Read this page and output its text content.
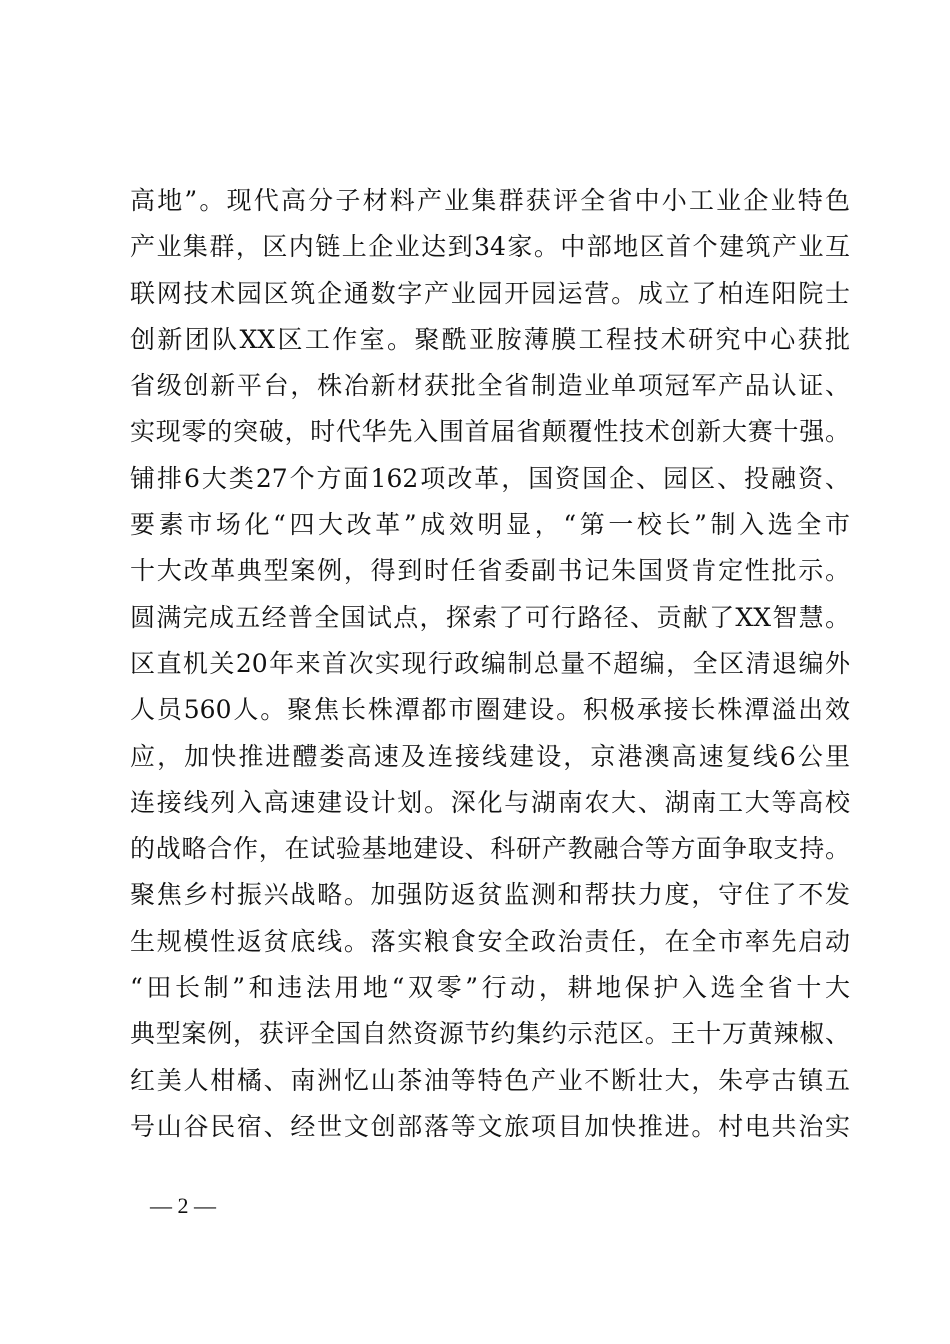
高地”。现代高分子材料产业集群获评全省中小工业企业特色
产业集群，区内链上企业达到34家。中部地区首个建筑产业互
联网技术园区筑企通数字产业园开园运营。成立了柏连阳院士
创新团队XX区工作室。聚酰亚胺薄膜工程技术研究中心获批
省级创新平台，株冶新材获批全省制造业单项冠军产品认证、
实现零的突破，时代华先入围首届省颠覆性技术创新大赛十强。
铺排6大类27个方面162项改革，国资国企、园区、投融资、
要素市场化“四大改革”成效明显，“第一校长”制入选全市
十大改革典型案例，得到时任省委副书记朱国贤肯定性批示。
圆满完成五经普全国试点，探索了可行路径、贡献了XX智慧。
区直机关20年来首次实现行政编制总量不超编，全区清退编外
人员560人。聚焦长株潭都市圈建设。积极承接长株潭溢出效
应，加快推进醴娄高速及连接线建设，京港澳高速复线6公里
连接线列入高速建设计划。深化与湖南农大、湖南工大等高校
的战略合作，在试验基地建设、科研产教融合等方面争取支持。
聚焦乡村振兴战略。加强防返贫监测和帮扶力度，守住了不发
生规模性返贫底线。落实粮食安全政治责任，在全市率先启动
“田长制”和违法用地“双零”行动，耕地保护入选全省十大
典型案例，获评全国自然资源节约集约示范区。王十万黄辣椒、
红美人柑橘、南洲忆山茶油等特色产业不断壮大，朱亭古镇五
号山谷民宿、经世文创部落等文旅项目加快推进。村电共治实
— 2 —
